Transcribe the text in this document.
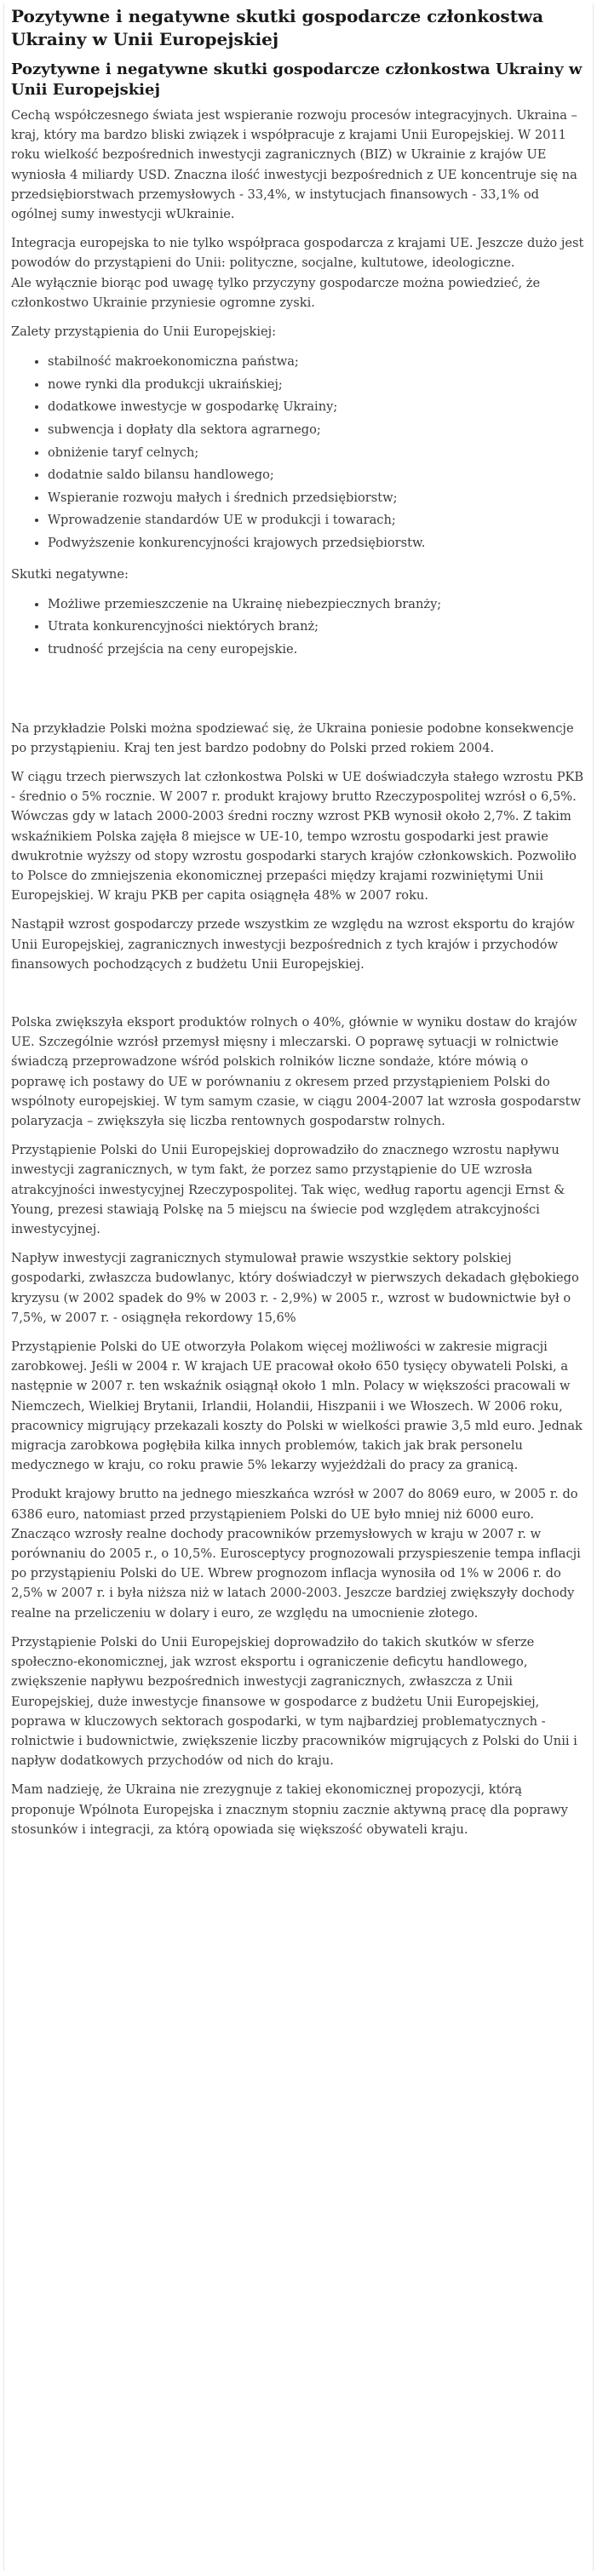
Pozytywne i negatywne skutki gospodarcze członkostwa Ukrainy w Unii Europejskiej
Pozytywne i negatywne skutki gospodarcze członkostwa Ukrainy w Unii Europejskiej

Cechą współczesnego świata jest wspieranie rozwoju procesów integracyjnych. Ukraina – kraj, który ma bardzo bliski związek i współpracuje z krajami Unii Europejskiej. W 2011 roku wielkość bezpośrednich inwestycji zagranicznych (BIZ) w Ukrainie z krajów UE wyniosła 4 miliardy USD. Znaczna ilość inwestycji bezpośrednich z UE koncentruje się na przedsiębiorstwach przemysłowych - 33,4%, w instytucjach finansowych - 33,1% od ogólnej sumy inwestycji wUkrainie.

Integracja europejska to nie tylko współpraca gospodarcza z krajami UE. Jeszcze dużo jest powodów do przystąpieni do Unii: polityczne, socjalne, kultutowe, ideologiczne.

Ale wyłącznie biorąc pod uwagę tylko przyczyny gospodarcze można powiedzieć, że członkostwo Ukrainie przyniesie ogromne zyski.

Zalety przystąpienia do Unii Europejskiej:

• stabilność makroekonomiczna państwa;
• nowe rynki dla produkcji ukraińskiej;
• dodatkowe inwestycje w gospodarkę Ukrainy;
• subwencja i dopłaty dla sektora agrarnego;
• obniżenie taryf celnych;
• dodatnie saldo bilansu handlowego;
• Wspieranie rozwoju małych i średnich przedsiębiorstw;
• Wprowadzenie standardów UE w produkcji i towarach;
• Podwyższenie konkurencyjności krajowych przedsiębiorstw.

Skutki negatywne:

• Możliwe przemieszczenie na Ukrainę niebezpiecznych branży;
• Utrata konkurencyjności niektórych branż;
• trudność przejścia na ceny europejskie.

Na przykładzie Polski można spodziewać się, że Ukraina poniesie podobne konsekwencje po przystąpieniu. Kraj ten jest bardzo podobny do Polski przed rokiem 2004.

W ciągu trzech pierwszych lat członkostwa Polski w UE doświadczyła stałego wzrostu PKB - średnio o 5% rocznie. W 2007 r. produkt krajowy brutto Rzeczypospolitej wzrósł o 6,5%. Wówczas gdy w latach 2000-2003 średni roczny wzrost PKB wynosił około 2,7%. Z takim wskaźnikiem Polska zajęła 8 miejsce w UE-10, tempo wzrostu gospodarki jest prawie dwukrotnie wyższy od stopy wzrostu gospodarki starych krajów członkowskich. Pozwoliło to Polsce do zmniejszenia ekonomicznej przepaści między krajami rozwiniętymi Unii Europejskiej. W kraju PKB per capita osiągnęła 48% w 2007 roku.

Nastąpił wzrost gospodarczy przede wszystkim ze względu na wzrost eksportu do krajów Unii Europejskiej, zagranicznych inwestycji bezpośrednich z tych krajów i przychodów finansowych pochodzących z budżetu Unii Europejskiej.

Polska zwiększyła eksport produktów rolnych o 40%, głównie w wyniku dostaw do krajów UE. Szczególnie wzrósł przemysł mięsny i mleczarski. O poprawę sytuacji w rolnictwie świadczą przeprowadzone wśród polskich rolników liczne sondaże, które mówią o poprawę ich postawy do UE w porównaniu z okresem przed przystąpieniem Polski do wspólnoty europejskiej. W tym samym czasie, w ciągu 2004-2007 lat wzrosła gospodarstw polaryzacja – zwiększyła się liczba rentownych gospodarstw rolnych.

Przystąpienie Polski do Unii Europejskiej doprowadziło do znacznego wzrostu napływu inwestycji zagranicznych, w tym fakt, że porzez samo przystąpienie do UE wzrosła atrakcyjności inwestycyjnej Rzeczypospolitej. Tak więc, według raportu agencji Ernst & Young, prezesi stawiają Polskę na 5 miejscu na świecie pod względem atrakcyjności inwestycyjnej.

Napływ inwestycji zagranicznych stymulował prawie wszystkie sektory polskiej gospodarki, zwłaszcza budowlanyc, który doświadczył w pierwszych dekadach głębokiego kryzysu (w 2002 spadek do 9% w 2003 r. - 2,9%) w 2005 r., wzrost w budownictwie był o 7,5%, w 2007 r. - osiągnęła rekordowy 15,6%

Przystąpienie Polski do UE otworzyła Polakom więcej możliwości w zakresie migracji zarobkowej. Jeśli w 2004 r. W krajach UE pracował około 650 tysięcy obywateli Polski, a następnie w 2007 r. ten wskaźnik osiągnął około 1 mln. Polacy w większości pracowali w Niemczech, Wielkiej Brytanii, Irlandii, Holandii, Hiszpanii i we Włoszech. W 2006 roku, pracownicy migrujący przekazali koszty do Polski w wielkości prawie 3,5 mld euro. Jednak migracja zarobkowa pogłębiła kilka innych problemów, takich jak brak personelu medycznego w kraju, co roku prawie 5% lekarzy wyjeżdżali do pracy za granicą.

Produkt krajowy brutto na jednego mieszkańca wzrósł w 2007 do 8069 euro, w 2005 r. do 6386 euro, natomiast przed przystąpieniem Polski do UE było mniej niż 6000 euro. Znacząco wzrosły realne dochody pracowników przemysłowych w kraju w 2007 r. w porównaniu do 2005 r., o 10,5%. Eurosceptycy prognozowali przyspieszenie tempa inflacji po przystąpieniu Polski do UE. Wbrew prognozom inflacja wynosiła od 1% w 2006 r. do 2,5% w 2007 r. i była niższa niż w latach 2000-2003. Jeszcze bardziej zwiększyły dochody realne na przeliczeniu w dolary i euro, ze względu na umocnienie złotego.

Przystąpienie Polski do Unii Europejskiej doprowadziło do takich skutków w sferze społeczno-ekonomicznej, jak wzrost eksportu i ograniczenie deficytu handlowego, zwiększenie napływu bezpośrednich inwestycji zagranicznych, zwłaszcza z Unii Europejskiej, duże inwestycje finansowe w gospodarce z budżetu Unii Europejskiej, poprawa w kluczowych sektorach gospodarki, w tym najbardziej problematycznych - rolnictwie i budownictwie, zwiększenie liczby pracowników migrujących z Polski do Unii i napływ dodatkowych przychodów od nich do kraju.

Mam nadzieję, że Ukraina nie zrezygnuje z takiej ekonomicznej propozycji, którą proponuje Wpólnota Europejska i znacznym stopniu zacznie aktywną pracę dla poprawy stosunków i integracji, za którą opowiada się większość obywateli kraju.
